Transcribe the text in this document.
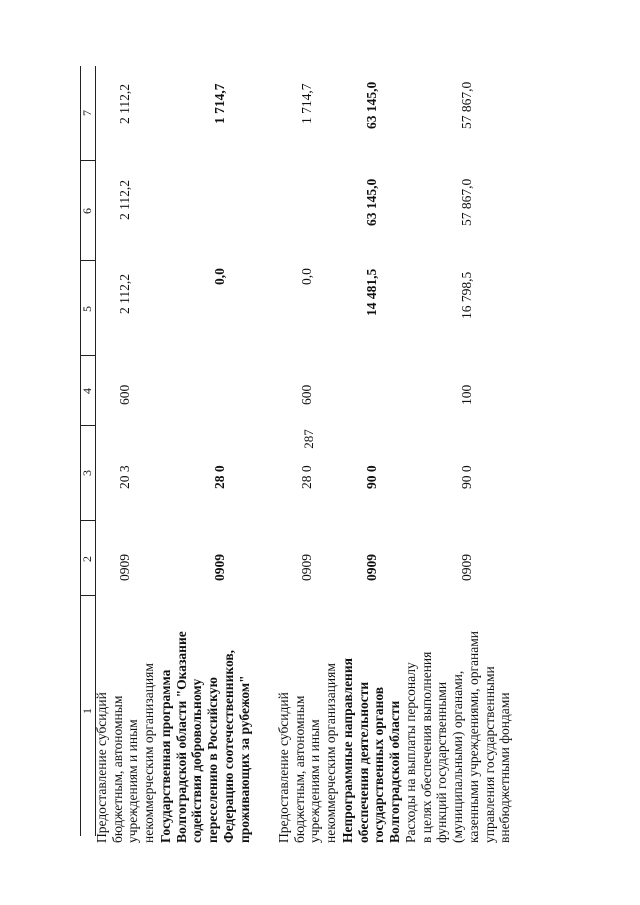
287
1
2
3
4
5
6
7
Предоставление субсидий бюджетным, автономным учреждениям и иным некоммерческим организациям
0909
20 3
600
2 112,2
2 112,2
2 112,2
Государственная программа Волгоградской области "Оказание содействия добровольному переселению в Российскую Федерацию соотечественников, проживающих за рубежом"
0909
28 0
0,0
1 714,7
Предоставление субсидий бюджетным, автономным учреждениям и иным некоммерческим организациям
0909
28 0
600
0,0
1 714,7
Непрограммные направления обеспечения деятельности государственных органов Волгоградской области
0909
90 0
14 481,5
63 145,0
63 145,0
Расходы на выплаты персоналу в целях обеспечения выполнения функций государственными (муниципальными) органами, казенными учреждениями, органами управления государственными внебюджетными фондами
0909
90 0
100
16 798,5
57 867,0
57 867,0
